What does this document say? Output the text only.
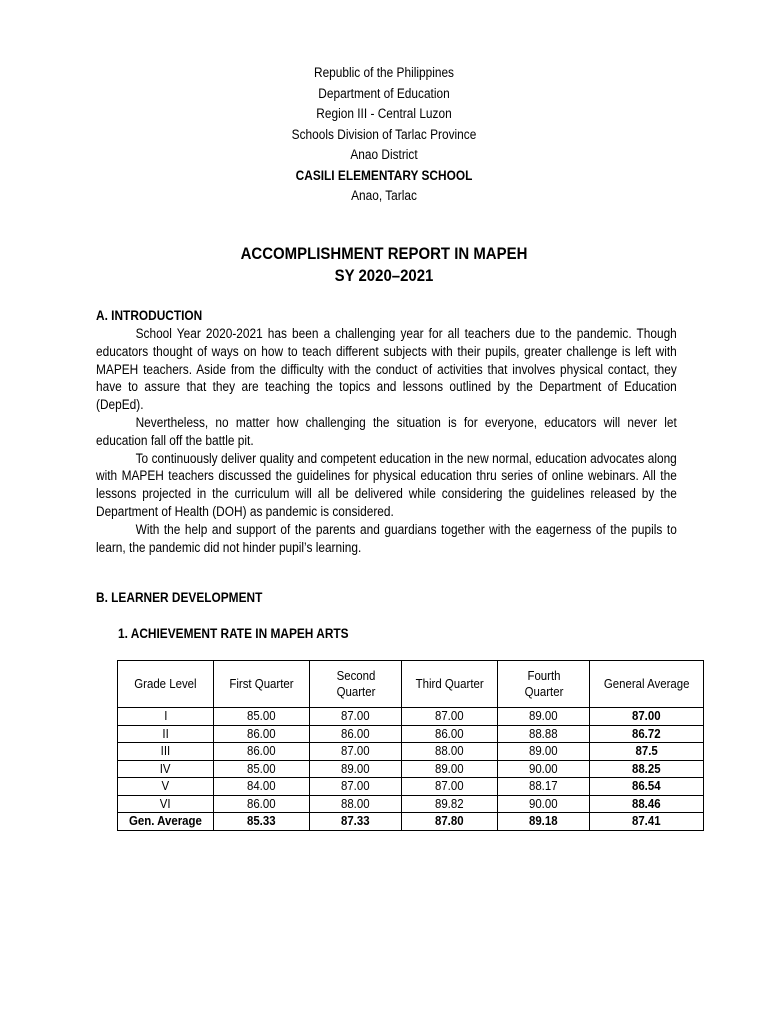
Republic of the Philippines
Department of Education
Region III - Central Luzon
Schools Division of Tarlac Province
Anao District
CASILI ELEMENTARY SCHOOL
Anao, Tarlac
ACCOMPLISHMENT REPORT IN MAPEH
SY 2020–2021
A. INTRODUCTION

School Year 2020-2021 has been a challenging year for all teachers due to the pandemic. Though educators thought of ways on how to teach different subjects with their pupils, greater challenge is left with MAPEH teachers. Aside from the difficulty with the conduct of activities that involves physical contact, they have to assure that they are teaching the topics and lessons outlined by the Department of Education (DepEd).

Nevertheless, no matter how challenging the situation is for everyone, educators will never let education fall off the battle pit.

To continuously deliver quality and competent education in the new normal, education advocates along with MAPEH teachers discussed the guidelines for physical education thru series of online webinars. All the lessons projected in the curriculum will all be delivered while considering the guidelines released by the Department of Health (DOH) as pandemic is considered.

With the help and support of the parents and guardians together with the eagerness of the pupils to learn, the pandemic did not hinder pupil’s learning.

B. LEARNER DEVELOPMENT
1. ACHIEVEMENT RATE IN MAPEH ARTS
Grade Level	First Quarter	Second Quarter	Third Quarter	Fourth Quarter	General Average
I	85.00	87.00	87.00	89.00	87.00
II	86.00	86.00	86.00	88.88	86.72
III	86.00	87.00	88.00	89.00	87.5
IV	85.00	89.00	89.00	90.00	88.25
V	84.00	87.00	87.00	88.17	86.54
VI	86.00	88.00	89.82	90.00	88.46
Gen. Average	85.33	87.33	87.80	89.18	87.41
